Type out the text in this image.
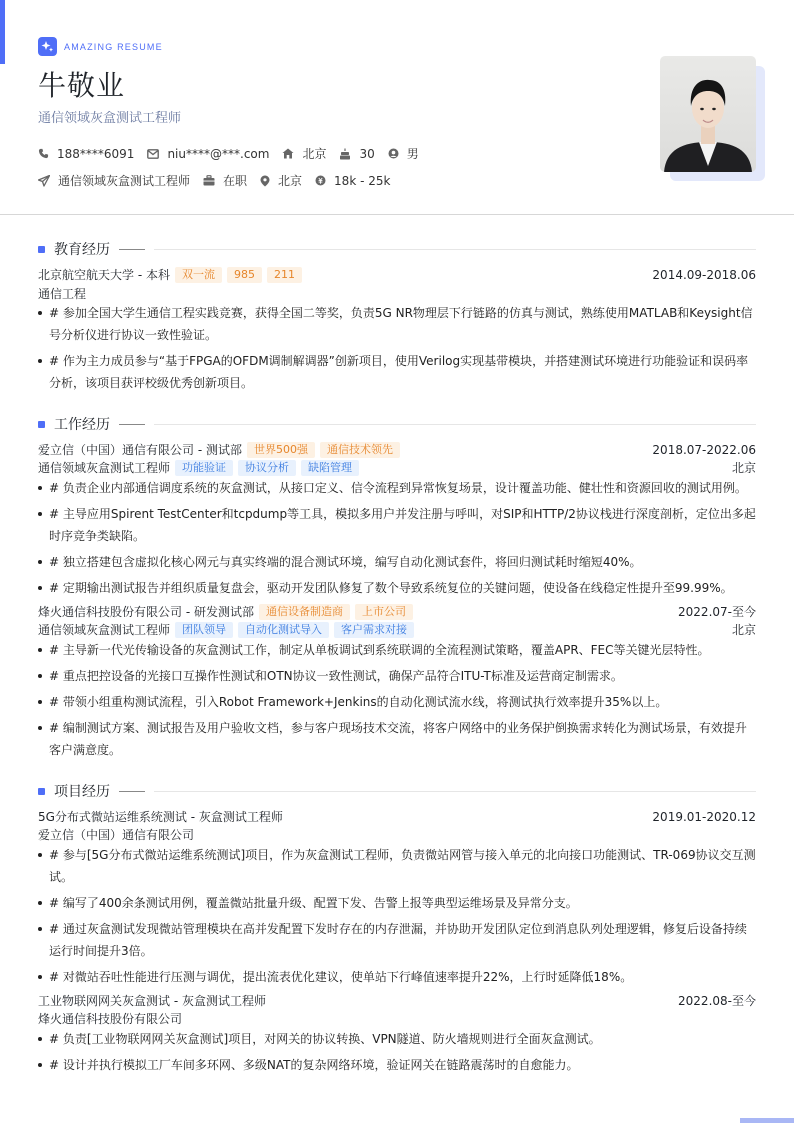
AMAZING RESUME
牛敬业
通信领域灰盒测试工程师
188****6091	niu****@***.com	北京	30	男
通信领域灰盒测试工程师	在职	北京	18k - 25k
教育经历
北京航空航天大学 - 本科	双一流	985	211	2014.09-2018.06
通信工程
# 参加全国大学生通信工程实践竞赛，获得全国二等奖，负责5G NR物理层下行链路的仿真与测试，熟练使用MATLAB和Keysight信号分析仪进行协议一致性验证。
# 作为主力成员参与“基于FPGA的OFDM调制解调器”创新项目，使用Verilog实现基带模块，并搭建测试环境进行功能验证和误码率分析，该项目获评校级优秀创新项目。
工作经历
爱立信（中国）通信有限公司 - 测试部	世界500强	通信技术领先	2018.07-2022.06
通信领域灰盒测试工程师	功能验证	协议分析	缺陷管理	北京
# 负责企业内部通信调度系统的灰盒测试，从接口定义、信令流程到异常恢复场景，设计覆盖功能、健壮性和资源回收的测试用例。
# 主导应用Spirent TestCenter和tcpdump等工具，模拟多用户并发注册与呼叫，对SIP和HTTP/2协议栈进行深度剖析，定位出多起时序竞争类缺陷。
# 独立搭建包含虚拟化核心网元与真实终端的混合测试环境，编写自动化测试套件，将回归测试耗时缩短40%。
# 定期输出测试报告并组织质量复盘会，驱动开发团队修复了数个导致系统复位的关键问题，使设备在线稳定性提升至99.99%。
烽火通信科技股份有限公司 - 研发测试部	通信设备制造商	上市公司	2022.07-至今
通信领域灰盒测试工程师	团队领导	自动化测试导入	客户需求对接	北京
# 主导新一代光传输设备的灰盒测试工作，制定从单板调试到系统联调的全流程测试策略，覆盖APR、FEC等关键光层特性。
# 重点把控设备的光接口互操作性测试和OTN协议一致性测试，确保产品符合ITU-T标准及运营商定制需求。
# 带领小组重构测试流程，引入Robot Framework+Jenkins的自动化测试流水线，将测试执行效率提升35%以上。
# 编制测试方案、测试报告及用户验收文档，参与客户现场技术交流，将客户网络中的业务保护倒换需求转化为测试场景，有效提升客户满意度。
项目经历
5G分布式微站运维系统测试 - 灰盒测试工程师	2019.01-2020.12
爱立信（中国）通信有限公司
# 参与[5G分布式微站运维系统测试]项目，作为灰盒测试工程师，负责微站网管与接入单元的北向接口功能测试、TR-069协议交互测试。
# 编写了400余条测试用例，覆盖微站批量升级、配置下发、告警上报等典型运维场景及异常分支。
# 通过灰盒测试发现微站管理模块在高并发配置下发时存在的内存泄漏，并协助开发团队定位到消息队列处理逻辑，修复后设备持续运行时间提升3倍。
# 对微站吞吐性能进行压测与调优，提出流表优化建议，使单站下行峰值速率提升22%，上行时延降低18%。
工业物联网网关灰盒测试 - 灰盒测试工程师	2022.08-至今
烽火通信科技股份有限公司
# 负责[工业物联网网关灰盒测试]项目，对网关的协议转换、VPN隧道、防火墙规则进行全面灰盒测试。
# 设计并执行模拟工厂车间多环网、多级NAT的复杂网络环境，验证网关在链路震荡时的自愈能力。
